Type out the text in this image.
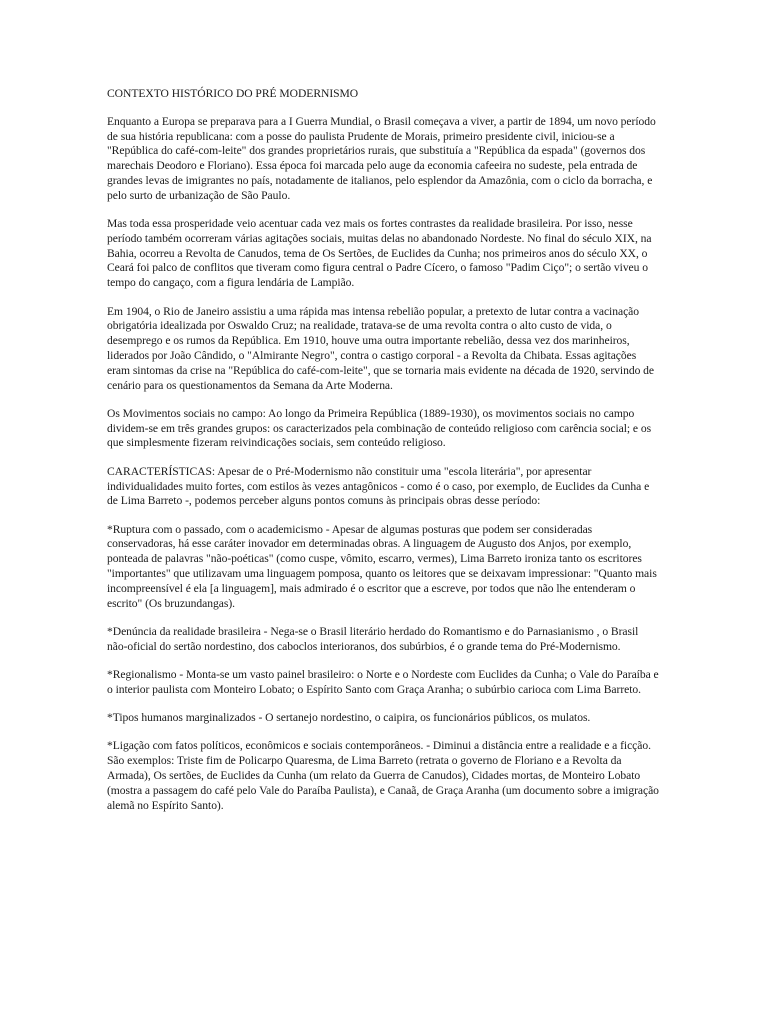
CONTEXTO HISTÓRICO DO PRÉ MODERNISMO

Enquanto a Europa se preparava para a I Guerra Mundial, o Brasil começava a viver, a partir de 1894, um novo período de sua história republicana: com a posse do paulista Prudente de Morais, primeiro presidente civil, iniciou-se a "República do café-com-leite" dos grandes proprietários rurais, que substituía a "República da espada" (governos dos marechais Deodoro e Floriano). Essa época foi marcada pelo auge da economia cafeeira no sudeste, pela entrada de grandes levas de imigrantes no país, notadamente de italianos, pelo esplendor da Amazônia, com o ciclo da borracha, e pelo surto de urbanização de São Paulo.

Mas toda essa prosperidade veio acentuar cada vez mais os fortes contrastes da realidade brasileira. Por isso, nesse período também ocorreram várias agitações sociais, muitas delas no abandonado Nordeste. No final do século XIX, na Bahia, ocorreu a Revolta de Canudos, tema de Os Sertões, de Euclides da Cunha; nos primeiros anos do século XX, o Ceará foi palco de conflitos que tiveram como figura central o Padre Cícero, o famoso "Padim Ciço"; o sertão viveu o tempo do cangaço, com a figura lendária de Lampião.

Em 1904, o Rio de Janeiro assistiu a uma rápida mas intensa rebelião popular, a pretexto de lutar contra a vacinação obrigatória idealizada por Oswaldo Cruz; na realidade, tratava-se de uma revolta contra o alto custo de vida, o desemprego e os rumos da República. Em 1910, houve uma outra importante rebelião, dessa vez dos marinheiros, liderados por João Cândido, o "Almirante Negro", contra o castigo corporal - a Revolta da Chibata. Essas agitações eram sintomas da crise na "República do café-com-leite", que se tornaria mais evidente na década de 1920, servindo de cenário para os questionamentos da Semana da Arte Moderna.

Os Movimentos sociais no campo: Ao longo da Primeira República (1889-1930), os movimentos sociais no campo dividem-se em três grandes grupos: os caracterizados pela combinação de conteúdo religioso com carência social; e os que simplesmente fizeram reivindicações sociais, sem conteúdo religioso.

CARACTERÍSTICAS: Apesar de o Pré-Modernismo não constituir uma "escola literária", por apresentar individualidades muito fortes, com estilos às vezes antagônicos - como é o caso, por exemplo, de Euclides da Cunha e de Lima Barreto -, podemos perceber alguns pontos comuns às principais obras desse período:

*Ruptura com o passado, com o academicismo - Apesar de algumas posturas que podem ser consideradas conservadoras, há esse caráter inovador em determinadas obras. A linguagem de Augusto dos Anjos, por exemplo, ponteada de palavras "não-poéticas" (como cuspe, vômito, escarro, vermes), Lima Barreto ironiza tanto os escritores "importantes" que utilizavam uma linguagem pomposa, quanto os leitores que se deixavam impressionar: "Quanto mais incompreensível é ela [a linguagem], mais admirado é o escritor que a escreve, por todos que não lhe entenderam o escrito" (Os bruzundangas).

*Denúncia da realidade brasileira - Nega-se o Brasil literário herdado do Romantismo e do Parnasianismo , o Brasil não-oficial do sertão nordestino, dos caboclos interioranos, dos subúrbios, é o grande tema do Pré-Modernismo.

*Regionalismo - Monta-se um vasto painel brasileiro: o Norte e o Nordeste com Euclides da Cunha; o Vale do Paraíba e o interior paulista com Monteiro Lobato; o Espírito Santo com Graça Aranha; o subúrbio carioca com Lima Barreto.

*Tipos humanos marginalizados - O sertanejo nordestino, o caipira, os funcionários públicos, os mulatos.

*Ligação com fatos políticos, econômicos e sociais contemporâneos. - Diminui a distância entre a realidade e a ficção. São exemplos: Triste fim de Policarpo Quaresma, de Lima Barreto (retrata o governo de Floriano e a Revolta da Armada), Os sertões, de Euclides da Cunha (um relato da Guerra de Canudos), Cidades mortas, de Monteiro Lobato (mostra a passagem do café pelo Vale do Paraíba Paulista), e Canaã, de Graça Aranha (um documento sobre a imigração alemã no Espírito Santo).
